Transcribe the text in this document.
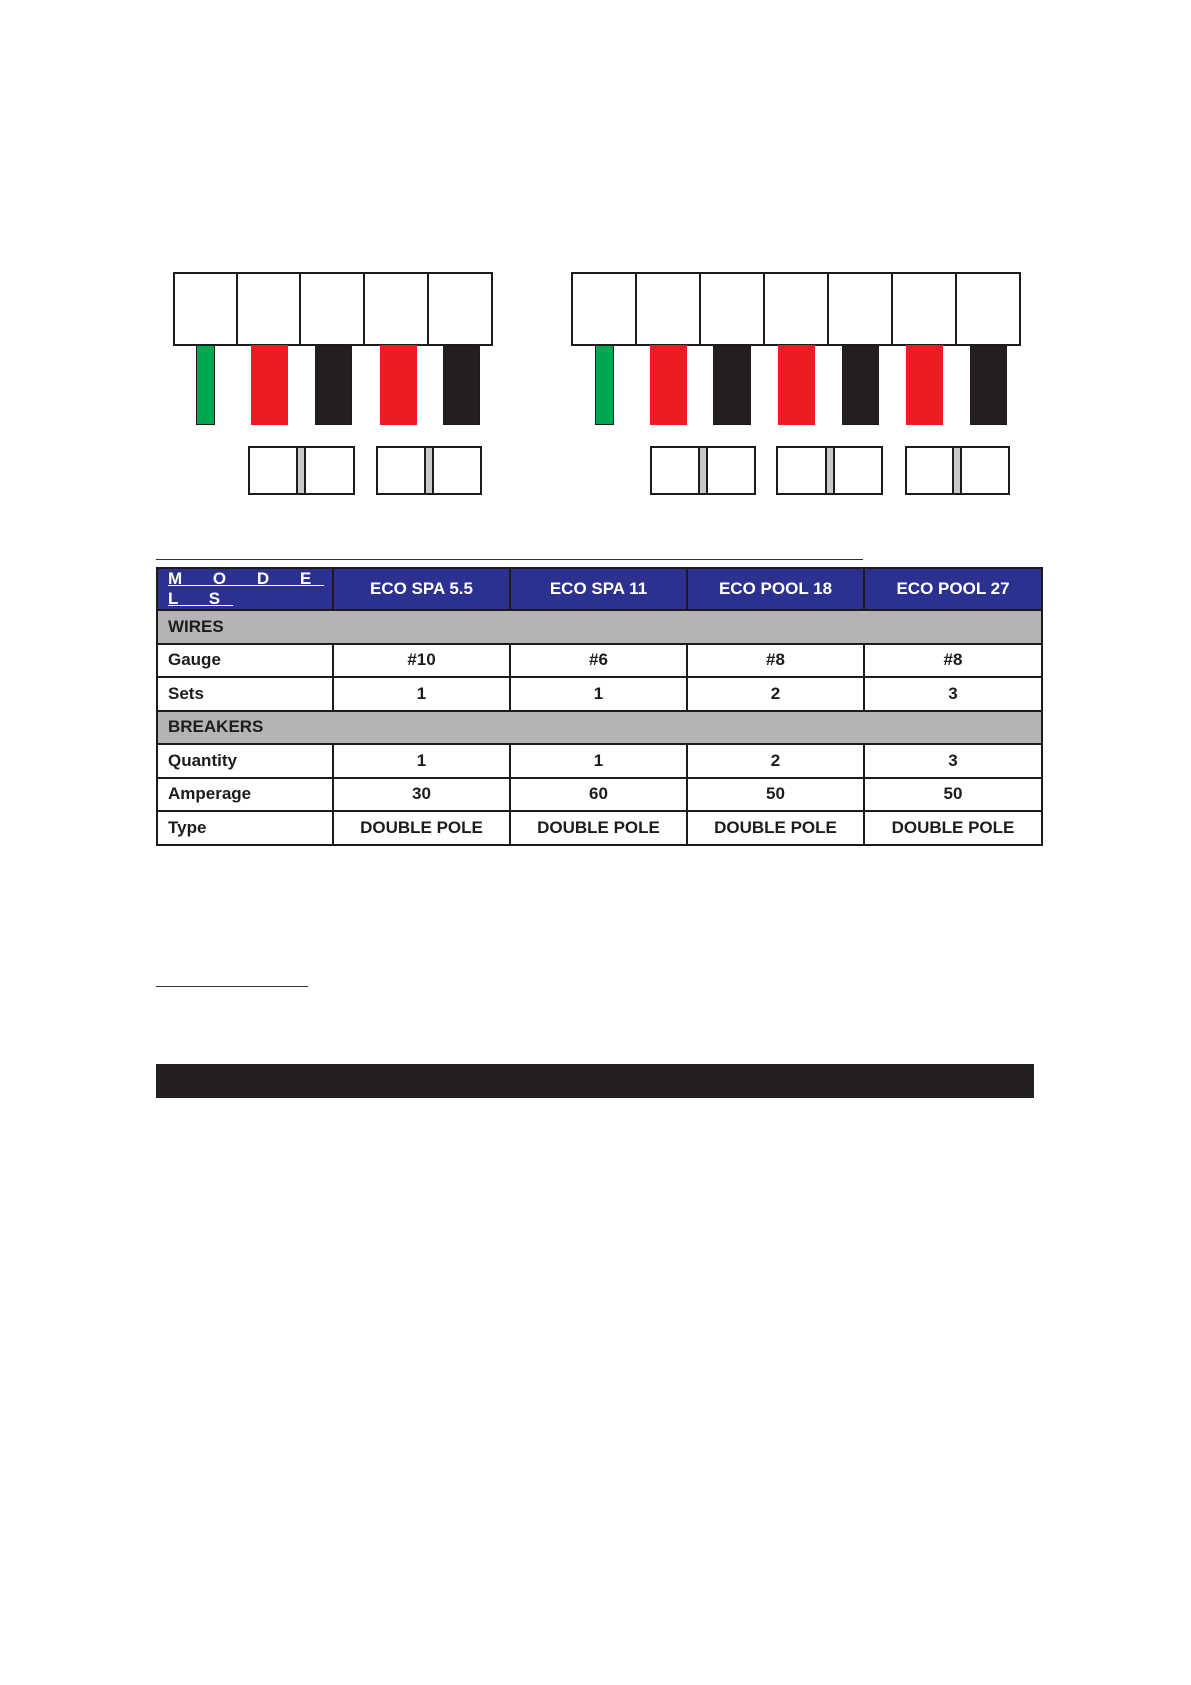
M O D E L S	ECO SPA 5.5	ECO SPA 11	ECO POOL 18	ECO POOL 27
WIRES				
Gauge	#10	#6	#8	#8
Sets	1	1	2	3
BREAKERS				
Quantity	1	1	2	3
Amperage	30	60	50	50
Type	DOUBLE POLE	DOUBLE POLE	DOUBLE POLE	DOUBLE POLE
